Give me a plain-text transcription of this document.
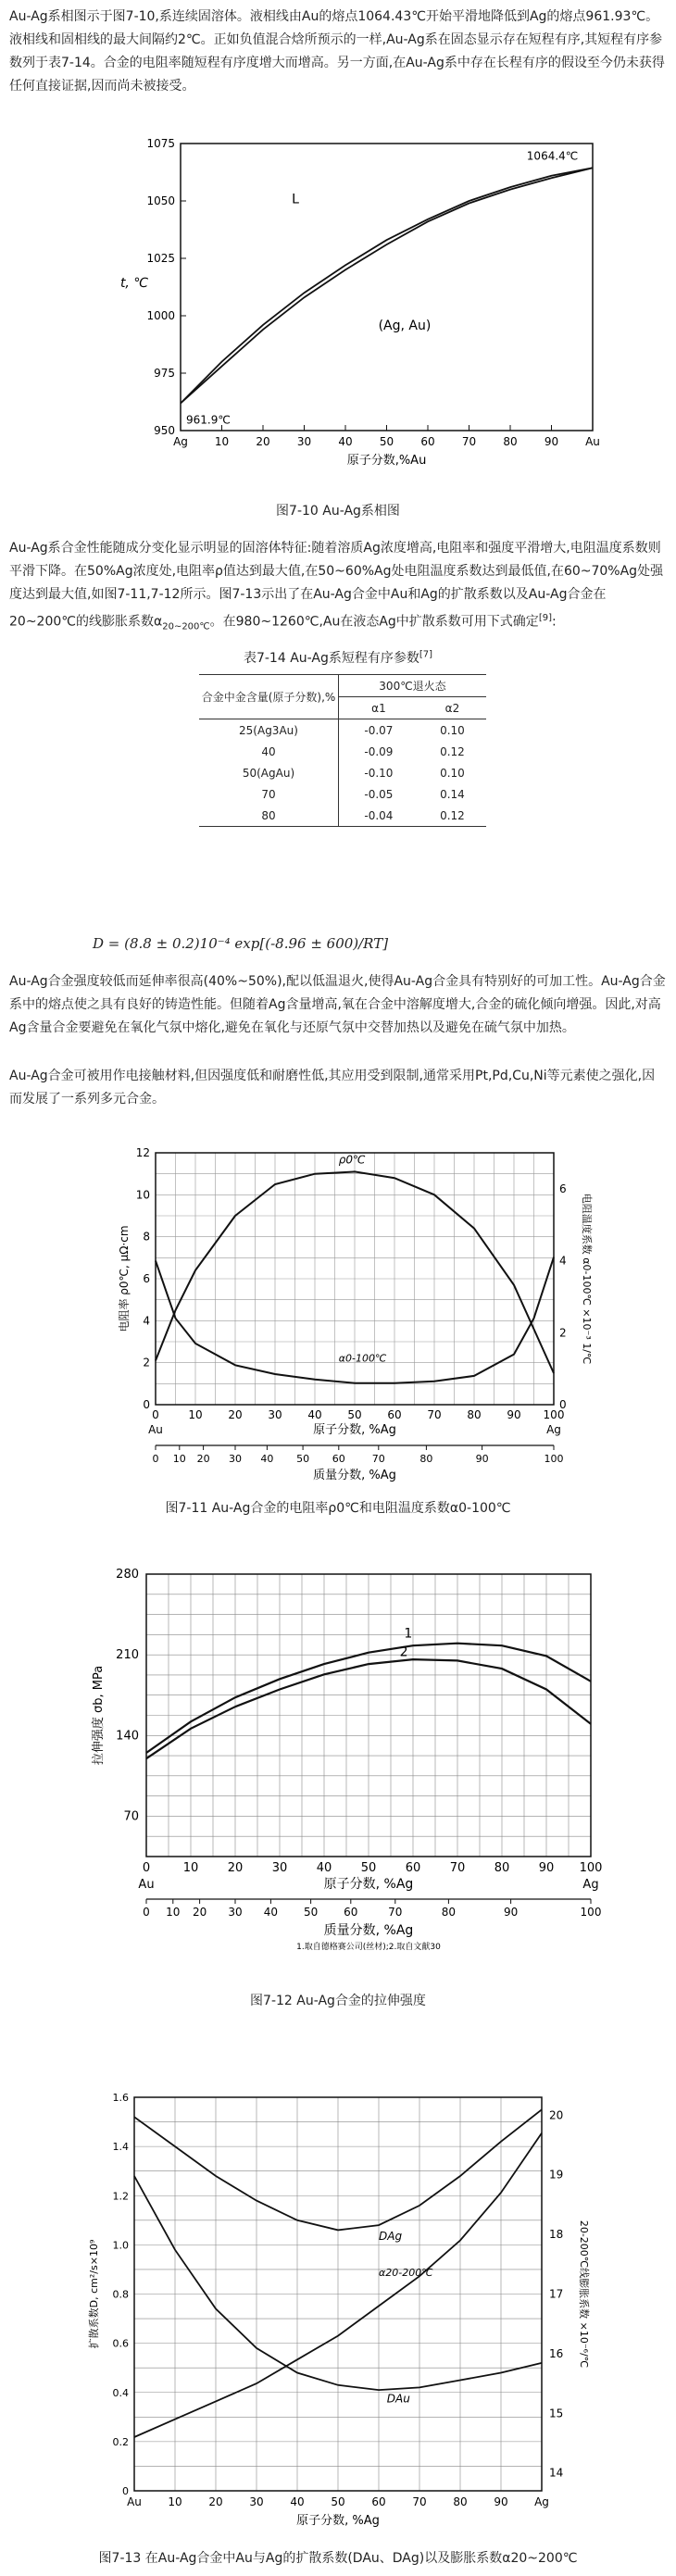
Au-Ag系相图示于图7-10,系连续固溶体。液相线由Au的熔点1064.43℃开始平滑地降低到Ag的熔点961.93℃。液相线和固相线的最大间隔约2℃。正如负值混合焓所预示的一样,Au-Ag系在固态显示存在短程有序,其短程有序参数列于表7-14。合金的电阻率随短程有序度增大而增高。另一方面,在Au-Ag系中存在长程有序的假设至今仍未获得任何直接证据,因而尚未被接受。

950
975
1000
1025
1050
1075
Ag 10 20 30 40 50 60 70 80 90 Au
原子分数,%Au
t, ℃
L
(Ag, Au)
961.9℃
1064.4℃
图7-10 Au-Ag系相图

Au-Ag系合金性能随成分变化显示明显的固溶体特征:随着溶质Ag浓度增高,电阻率和强度平滑增大,电阻温度系数则平滑下降。在50%Ag浓度处,电阻率ρ值达到最大值,在50~60%Ag处电阻温度系数达到最低值,在60~70%Ag处强度达到最大值,如图7-11,7-12所示。图7-13示出了在Au-Ag合金中Au和Ag的扩散系数以及Au-Ag合金在20~200℃的线膨胀系数$\alpha_{20\sim 200℃}$。在980~1260℃,Au在液态Ag中扩散系数可用下式确定[9]:

表7-14 Au-Ag系短程有序参数[7]
合金中金含量(原子分数),%	300℃退火态	
	α1	α2
25(Ag3Au)	-0.07	0.10
40	-0.09	0.12
50(AgAu)	-0.10	0.10
70	-0.05	0.14
80	-0.04	0.12
D = (8.8 ± 0.2)10⁻⁴ exp[(-8.96 ± 600)/RT]

Au-Ag合金强度较低而延伸率很高(40%~50%),配以低温退火,使得Au-Ag合金具有特别好的可加工性。Au-Ag合金系中的熔点使之具有良好的铸造性能。但随着Ag含量增高,氧在合金中溶解度增大,合金的硫化倾向增强。因此,对高Ag含量合金要避免在氧化气氛中熔化,避免在氧化与还原气氛中交替加热以及避免在硫气氛中加热。

Au-Ag合金可被用作电接触材料,但因强度低和耐磨性低,其应用受到限制,通常采用Pt,Pd,Cu,Ni等元素使之强化,因而发展了一系列多元合金。

0
2
4
6
8
10
12
0
2
4
6
0	10 20 30 40 50 60 70 80 90 100
Au	Ag
原子分数, %Ag
0 10 20 30 40 50 60	70	80	90	100
质量分数, %Ag
电阻率 ρ0℃, μΩ·cm	电阻温度系数 α0-100℃ ×10⁻³ 1/℃
ρ0℃
α0-100℃
图7-11 Au-Ag合金的电阻率ρ0℃和电阻温度系数α0-100℃
70
140
210
280
0	10 20 30 40 50 60 70 80 90 100
Au	Ag
原子分数, %Ag
0 10 20 30 40 50 60	70	80	90	100
质量分数, %Ag
1.取自德格赛公司(丝材);2.取自文献30
拉伸强度 σb, MPa
1
2
图7-12 Au-Ag合金的拉伸强度
0
0.2
0.4
0.6
0.8
1.0
1.2
1.4
1.6
14
15
16
17
18
19
20
Au 10 20 30 40 50 60 70 80 90 Ag
原子分数, %Ag
扩散系数D, cm²/s×10⁹	20-200℃线膨胀系数 ×10⁻⁶/℃
DAg
DAu
α20-200℃
图7-13 在Au-Ag合金中Au与Ag的扩散系数(DAu、DAg)以及膨胀系数α20~200℃
